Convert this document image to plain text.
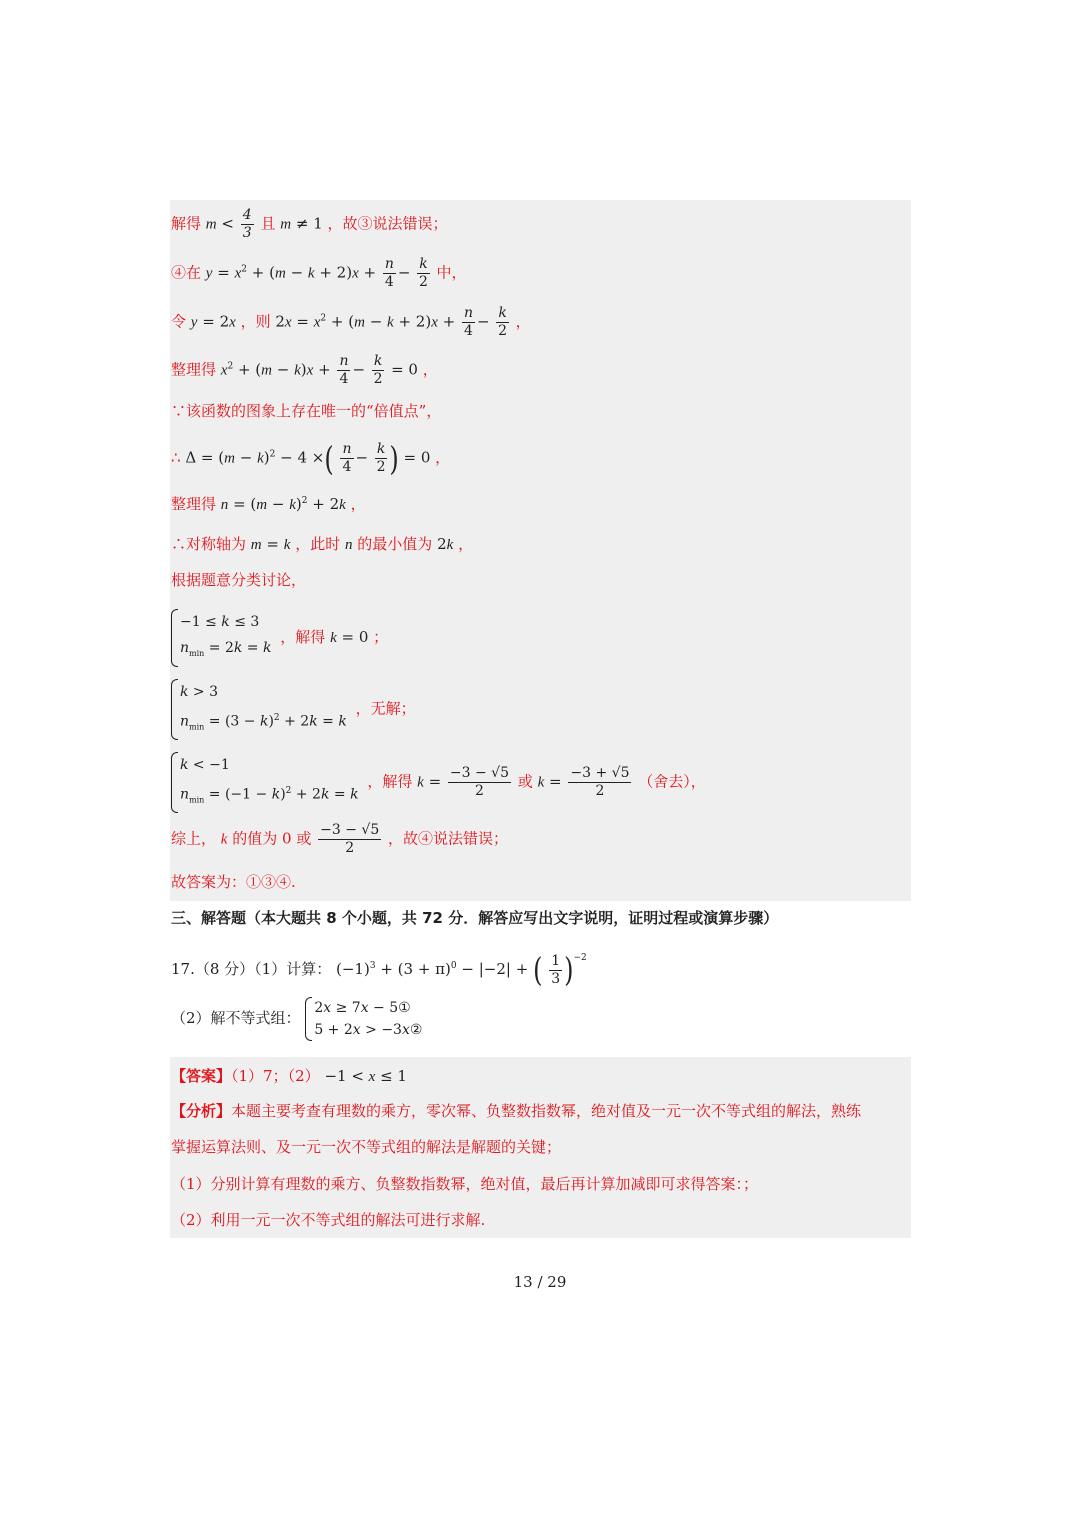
解得 $m < \frac{4}{3}$ 且 m ≠ 1 ，故③说法错误；
④在 $y = x^2 + (m - k + 2)x + \frac{n}{4} - \frac{k}{2}$ 中，
令 y = 2x ，则 $2x = x^2 + (m - k + 2)x + \frac{n}{4} - \frac{k}{2}$ ，
整理得 $x^2 + (m - k)x + \frac{n}{4} - \frac{k}{2} = 0$ ，
∵该函数的图象上存在唯一的“倍值点”，
∴ $\Delta = (m - k)^2 - 4$ ×( $\frac{n}{4} - \frac{k}{2}$ ) = 0 ，
整理得 $n = (m - k)^2 + 2k$ ，
∴对称轴为 m = k ，此时 n 的最小值为 2k ，
根据题意分类讨论，
−1 ≤ k ≤ 3
$n_{min} = 2k = k$
，解得 k = 0 ；
k > 3
$n_{min} = (3 - k)^2 + 2k = k$
，无解；
k < −1
$n_{min} = (-1 - k)^2 + 2k = k$
，解得 $k = \frac{-3 - √5}{2}$ 或 $k = \frac{-3 + √5}{2}$ （舍去），
综上， k 的值为 0 或 $\frac{-3 - √5}{2}$ ，故④说法错误；
故答案为：①③④.
三、解答题（本大题共 8 个小题，共 72 分．解答应写出文字说明，证明过程或演算步骤）
17.（8 分）（1）计算： $(-1)^3 + (3 + \pi)^0 - |-2|$ + ( $\frac{1}{3} )^{-2}$
（2）解不等式组：
2x ≥ 7x − 5①
5 + 2x > −3x②
【答案】（1）7；（2） −1 < x ≤ 1
【分析】本题主要考查有理数的乘方，零次幂、负整数指数幂，绝对值及一元一次不等式组的解法，熟练
掌握运算法则、及一元一次不等式组的解法是解题的关键；
（1）分别计算有理数的乘方、负整数指数幂，绝对值，最后再计算加减即可求得答案：；
（2）利用一元一次不等式组的解法可进行求解.
13 / 29
